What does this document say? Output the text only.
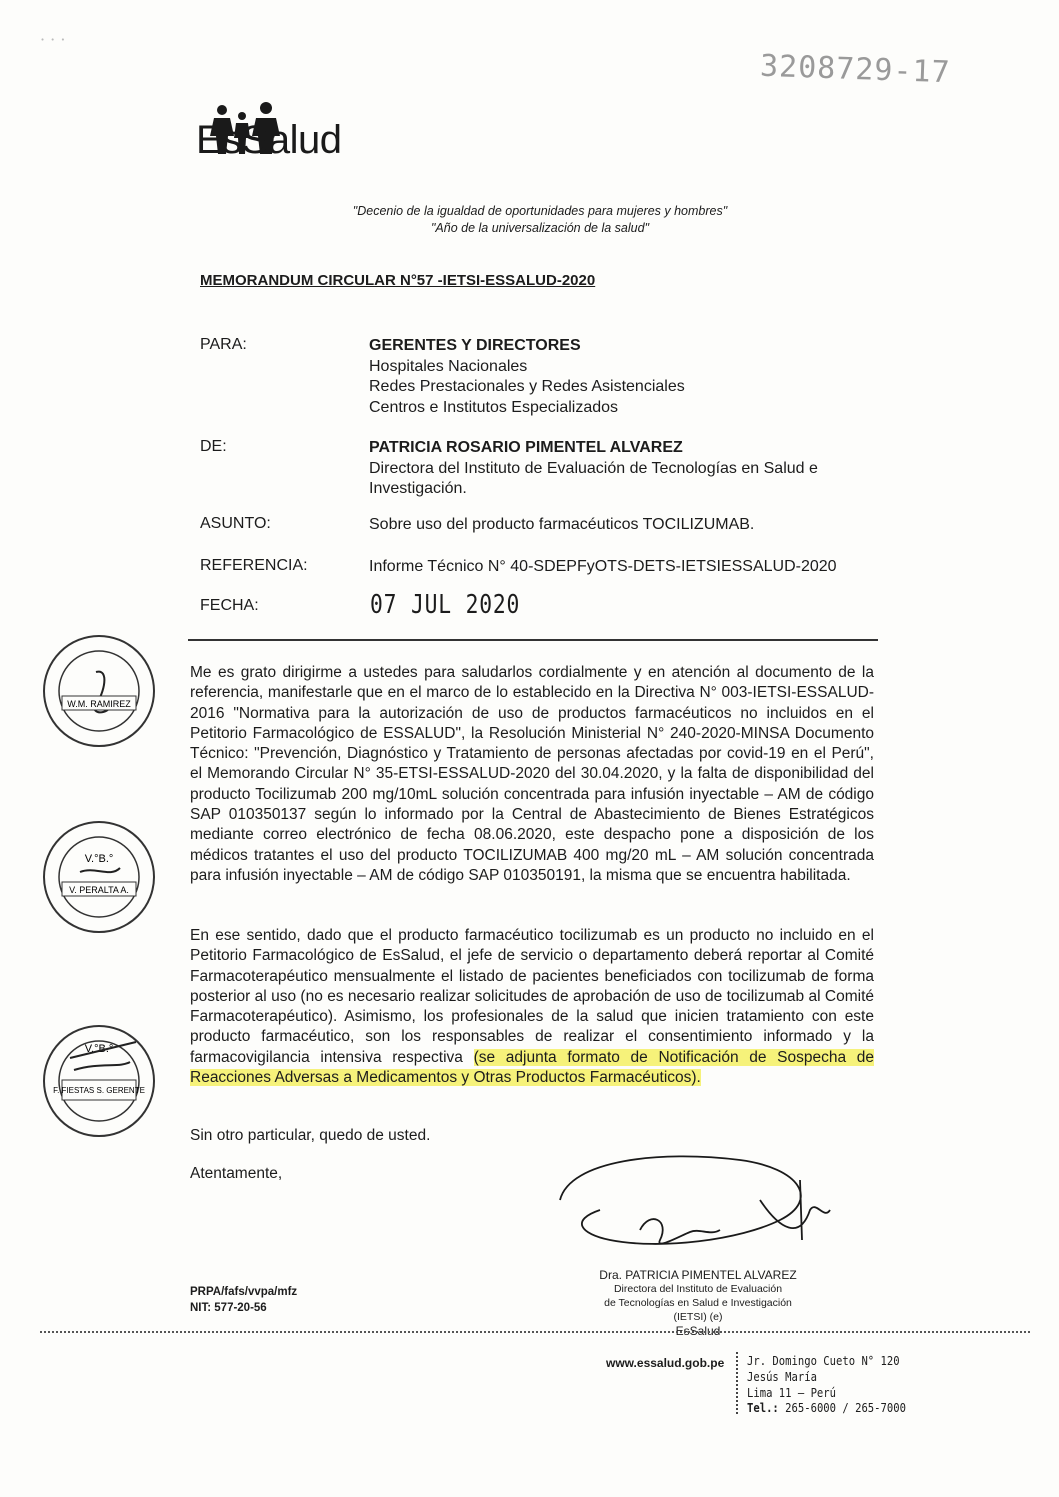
· · ·
3208729-17
EsSalud
"Decenio de la igualdad de oportunidades para mujeres y hombres"
"Año de la universalización de la salud"
MEMORANDUM CIRCULAR N°57 -IETSI-ESSALUD-2020
PARA:	GERENTES Y DIRECTORES
Hospitales Nacionales
Redes Prestacionales y Redes Asistenciales
Centros e Institutos Especializados
DE:	PATRICIA ROSARIO PIMENTEL ALVAREZ
Directora del Instituto de Evaluación de Tecnologías en Salud e
Investigación.
ASUNTO:	Sobre uso del producto farmacéuticos TOCILIZUMAB.
REFERENCIA:	Informe Técnico N° 40-SDEPFyOTS-DETS-IETSIESSALUD-2020
FECHA:	07 JUL 2020
Me es grato dirigirme a ustedes para saludarlos cordialmente y en atención al documento de la referencia, manifestarle que en el marco de lo establecido en la Directiva N° 003-IETSI-ESSALUD-2016 "Normativa para la autorización de uso de productos farmacéuticos no incluidos en el Petitorio Farmacológico de ESSALUD", la Resolución Ministerial N° 240-2020-MINSA Documento Técnico: "Prevención, Diagnóstico y Tratamiento de personas afectadas por covid-19 en el Perú", el Memorando Circular N° 35-ETSI-ESSALUD-2020 del 30.04.2020, y la falta de disponibilidad del producto Tocilizumab 200 mg/10mL solución concentrada para infusión inyectable – AM de código SAP 010350137 según lo informado por la Central de Abastecimiento de Bienes Estratégicos mediante correo electrónico de fecha 08.06.2020, este despacho pone a disposición de los médicos tratantes el uso del producto TOCILIZUMAB 400 mg/20 mL – AM solución concentrada para infusión inyectable – AM de código SAP 010350191, la misma que se encuentra habilitada.
En ese sentido, dado que el producto farmacéutico tocilizumab es un producto no incluido en el Petitorio Farmacológico de EsSalud, el jefe de servicio o departamento deberá reportar al Comité Farmacoterapéutico mensualmente el listado de pacientes beneficiados con tocilizumab de forma posterior al uso (no es necesario realizar solicitudes de aprobación de uso de tocilizumab al Comité Farmacoterapéutico). Asimismo, los profesionales de la salud que inicien tratamiento con este producto farmacéutico, son los responsables de realizar el consentimiento informado y la farmacovigilancia intensiva respectiva (se adjunta formato de Notificación de Sospecha de Reacciones Adversas a Medicamentos y Otras Productos Farmacéuticos).
Sin otro particular, quedo de usted.
Atentamente,
W.M. RAMIREZ
V.°B.°
V. PERALTA A.
V.°B.°
F. FIESTAS S. GERENTE
Dra. PATRICIA PIMENTEL ALVAREZ
Directora del Instituto de Evaluación
de Tecnologías en Salud e Investigación (IETSI) (e)
EsSalud
PRPA/fafs/vvpa/mfz
NIT: 577-20-56
www.essalud.gob.pe Jr. Domingo Cueto N° 120
Jesús María
Lima 11 – Perú
Tel.: 265-6000 / 265-7000
